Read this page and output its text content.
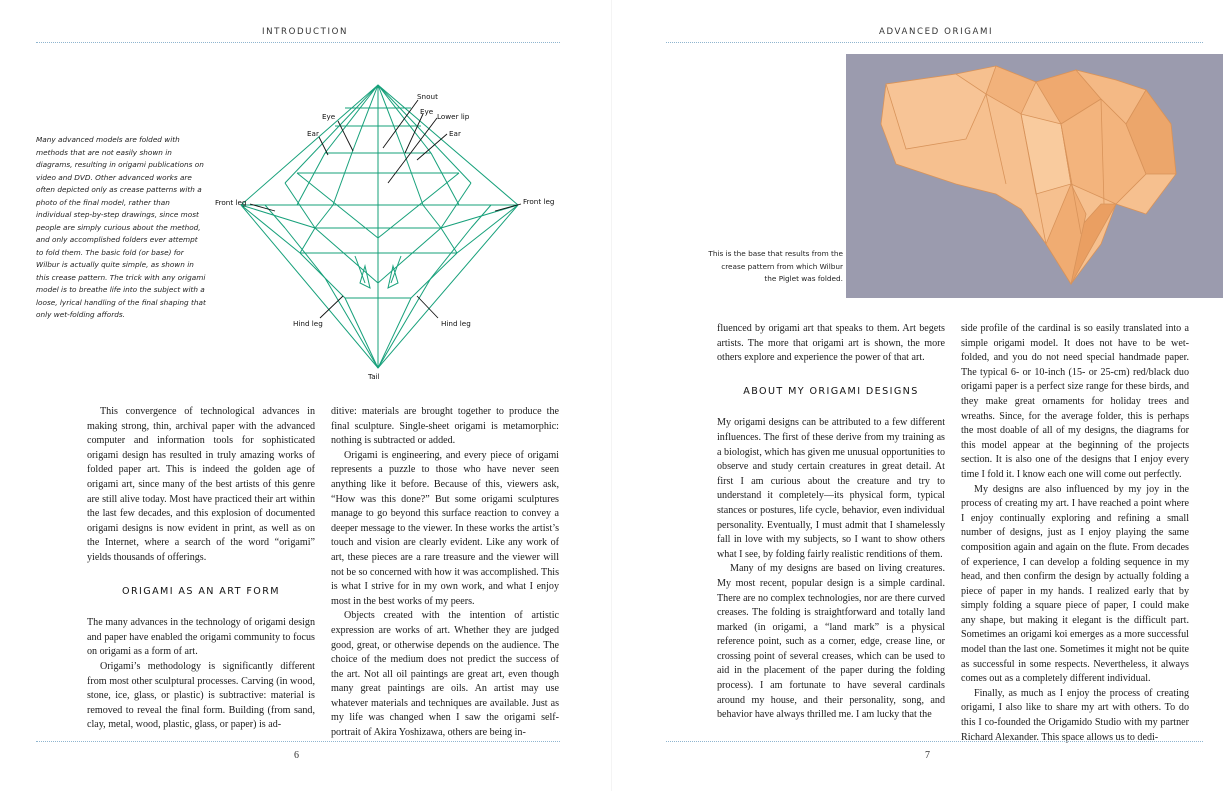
INTRODUCTION

Many advanced models are folded with methods that are not easily shown in diagrams, resulting in origami publications on video and DVD. Other advanced works are often depicted only as crease patterns with a photo of the final model, rather than individual step-by-step drawings, since most people are simply curious about the method, and only accomplished folders ever attempt to fold them. The basic fold (or base) for Wilbur is actually quite simple, as shown in this crease pattern. The trick with any origami model is to breathe life into the subject with a loose, lyrical handling of the final shaping that only wet-folding affords.

Snout
Eye
Eye
Lower lip
Ear	Ear
Front leg	Front leg
Hind leg	Hind leg
Tail

This convergence of technological advances in making strong, thin, archival paper with the advanced computer and information tools for sophisticated origami design has resulted in truly amazing works of folded paper art. This is indeed the golden age of origami art, since many of the best artists of this genre are still alive today. Most have practiced their art within the last few decades, and this explosion of documented origami designs is now evident in print, as well as on the Internet, where a search of the word “origami” yields thousands of offerings.

ORIGAMI AS AN ART FORM

The many advances in the technology of origami design and paper have enabled the origami community to focus on origami as a form of art.

Origami’s methodology is significantly different from most other sculptural processes. Carving (in wood, stone, ice, glass, or plastic) is subtractive: material is removed to reveal the final form. Building (from sand, clay, metal, wood, plastic, glass, or paper) is ad-

ditive: materials are brought together to produce the final sculpture. Single-sheet origami is metamorphic: nothing is subtracted or added.

Origami is engineering, and every piece of origami represents a puzzle to those who have never seen anything like it before. Because of this, viewers ask, “How was this done?” But some origami sculptures manage to go beyond this surface reaction to convey a deeper message to the viewer. In these works the artist’s touch and vision are clearly evident. Like any work of art, these pieces are a rare treasure and the viewer will not be so concerned with how it was accomplished. This is what I strive for in my own work, and what I enjoy most in the best works of my peers.

Objects created with the intention of artistic expression are works of art. Whether they are judged good, great, or otherwise depends on the audience. The choice of the medium does not predict the success of the art. Not all oil paintings are great art, even though many great paintings are oils. An artist may use whatever materials and techniques are available. Just as my life was changed when I saw the origami self-portrait of Akira Yoshizawa, others are being in-

6
ADVANCED ORIGAMI

This is the base that results from the crease pattern from which Wilbur the Piglet was folded.

fluenced by origami art that speaks to them. Art begets artists. The more that origami art is shown, the more others explore and experience the power of that art.

ABOUT MY ORIGAMI DESIGNS

My origami designs can be attributed to a few different influences. The first of these derive from my training as a biologist, which has given me unusual opportunities to observe and study certain creatures in great detail. At first I am curious about the creature and try to understand it completely—its physical form, typical stances or postures, life cycle, behavior, even individual personality. Eventually, I must admit that I shamelessly fall in love with my subjects, so I want to show others what I see, by folding fairly realistic renditions of them.

Many of my designs are based on living creatures. My most recent, popular design is a simple cardinal. There are no complex technologies, nor are there curved creases. The folding is straightforward and totally land marked (in origami, a “land mark” is a physical reference point, such as a corner, edge, crease line, or crossing point of several creases, which can be used to aid in the placement of the paper during the folding process). I am fortunate to have several cardinals around my house, and their personality, song, and behavior have always thrilled me. I am lucky that the

side profile of the cardinal is so easily translated into a simple origami model. It does not have to be wet-folded, and you do not need special handmade paper. The typical 6- or 10-inch (15- or 25-cm) red/black duo origami paper is a perfect size range for these birds, and they make great ornaments for holiday trees and wreaths. Since, for the average folder, this is perhaps the most doable of all of my designs, the diagrams for this model appear at the beginning of the projects section. It is also one of the designs that I enjoy every time I fold it. I know each one will come out perfectly.

My designs are also influenced by my joy in the process of creating my art. I have reached a point where I enjoy continually exploring and refining a small number of designs, just as I enjoy playing the same composition again and again on the flute. From decades of experience, I can develop a folding sequence in my head, and then confirm the design by actually folding a piece of paper in my hands. I realized early that by simply folding a square piece of paper, I could make any shape, but making it elegant is the difficult part. Sometimes an origami koi emerges as a more successful model than the last one. Sometimes it might not be quite as successful in some respects. Nevertheless, it always comes out as a completely different individual.

Finally, as much as I enjoy the process of creating origami, I also like to share my art with others. To do this I co-founded the Origamido Studio with my partner Richard Alexander. This space allows us to dedi-

7
